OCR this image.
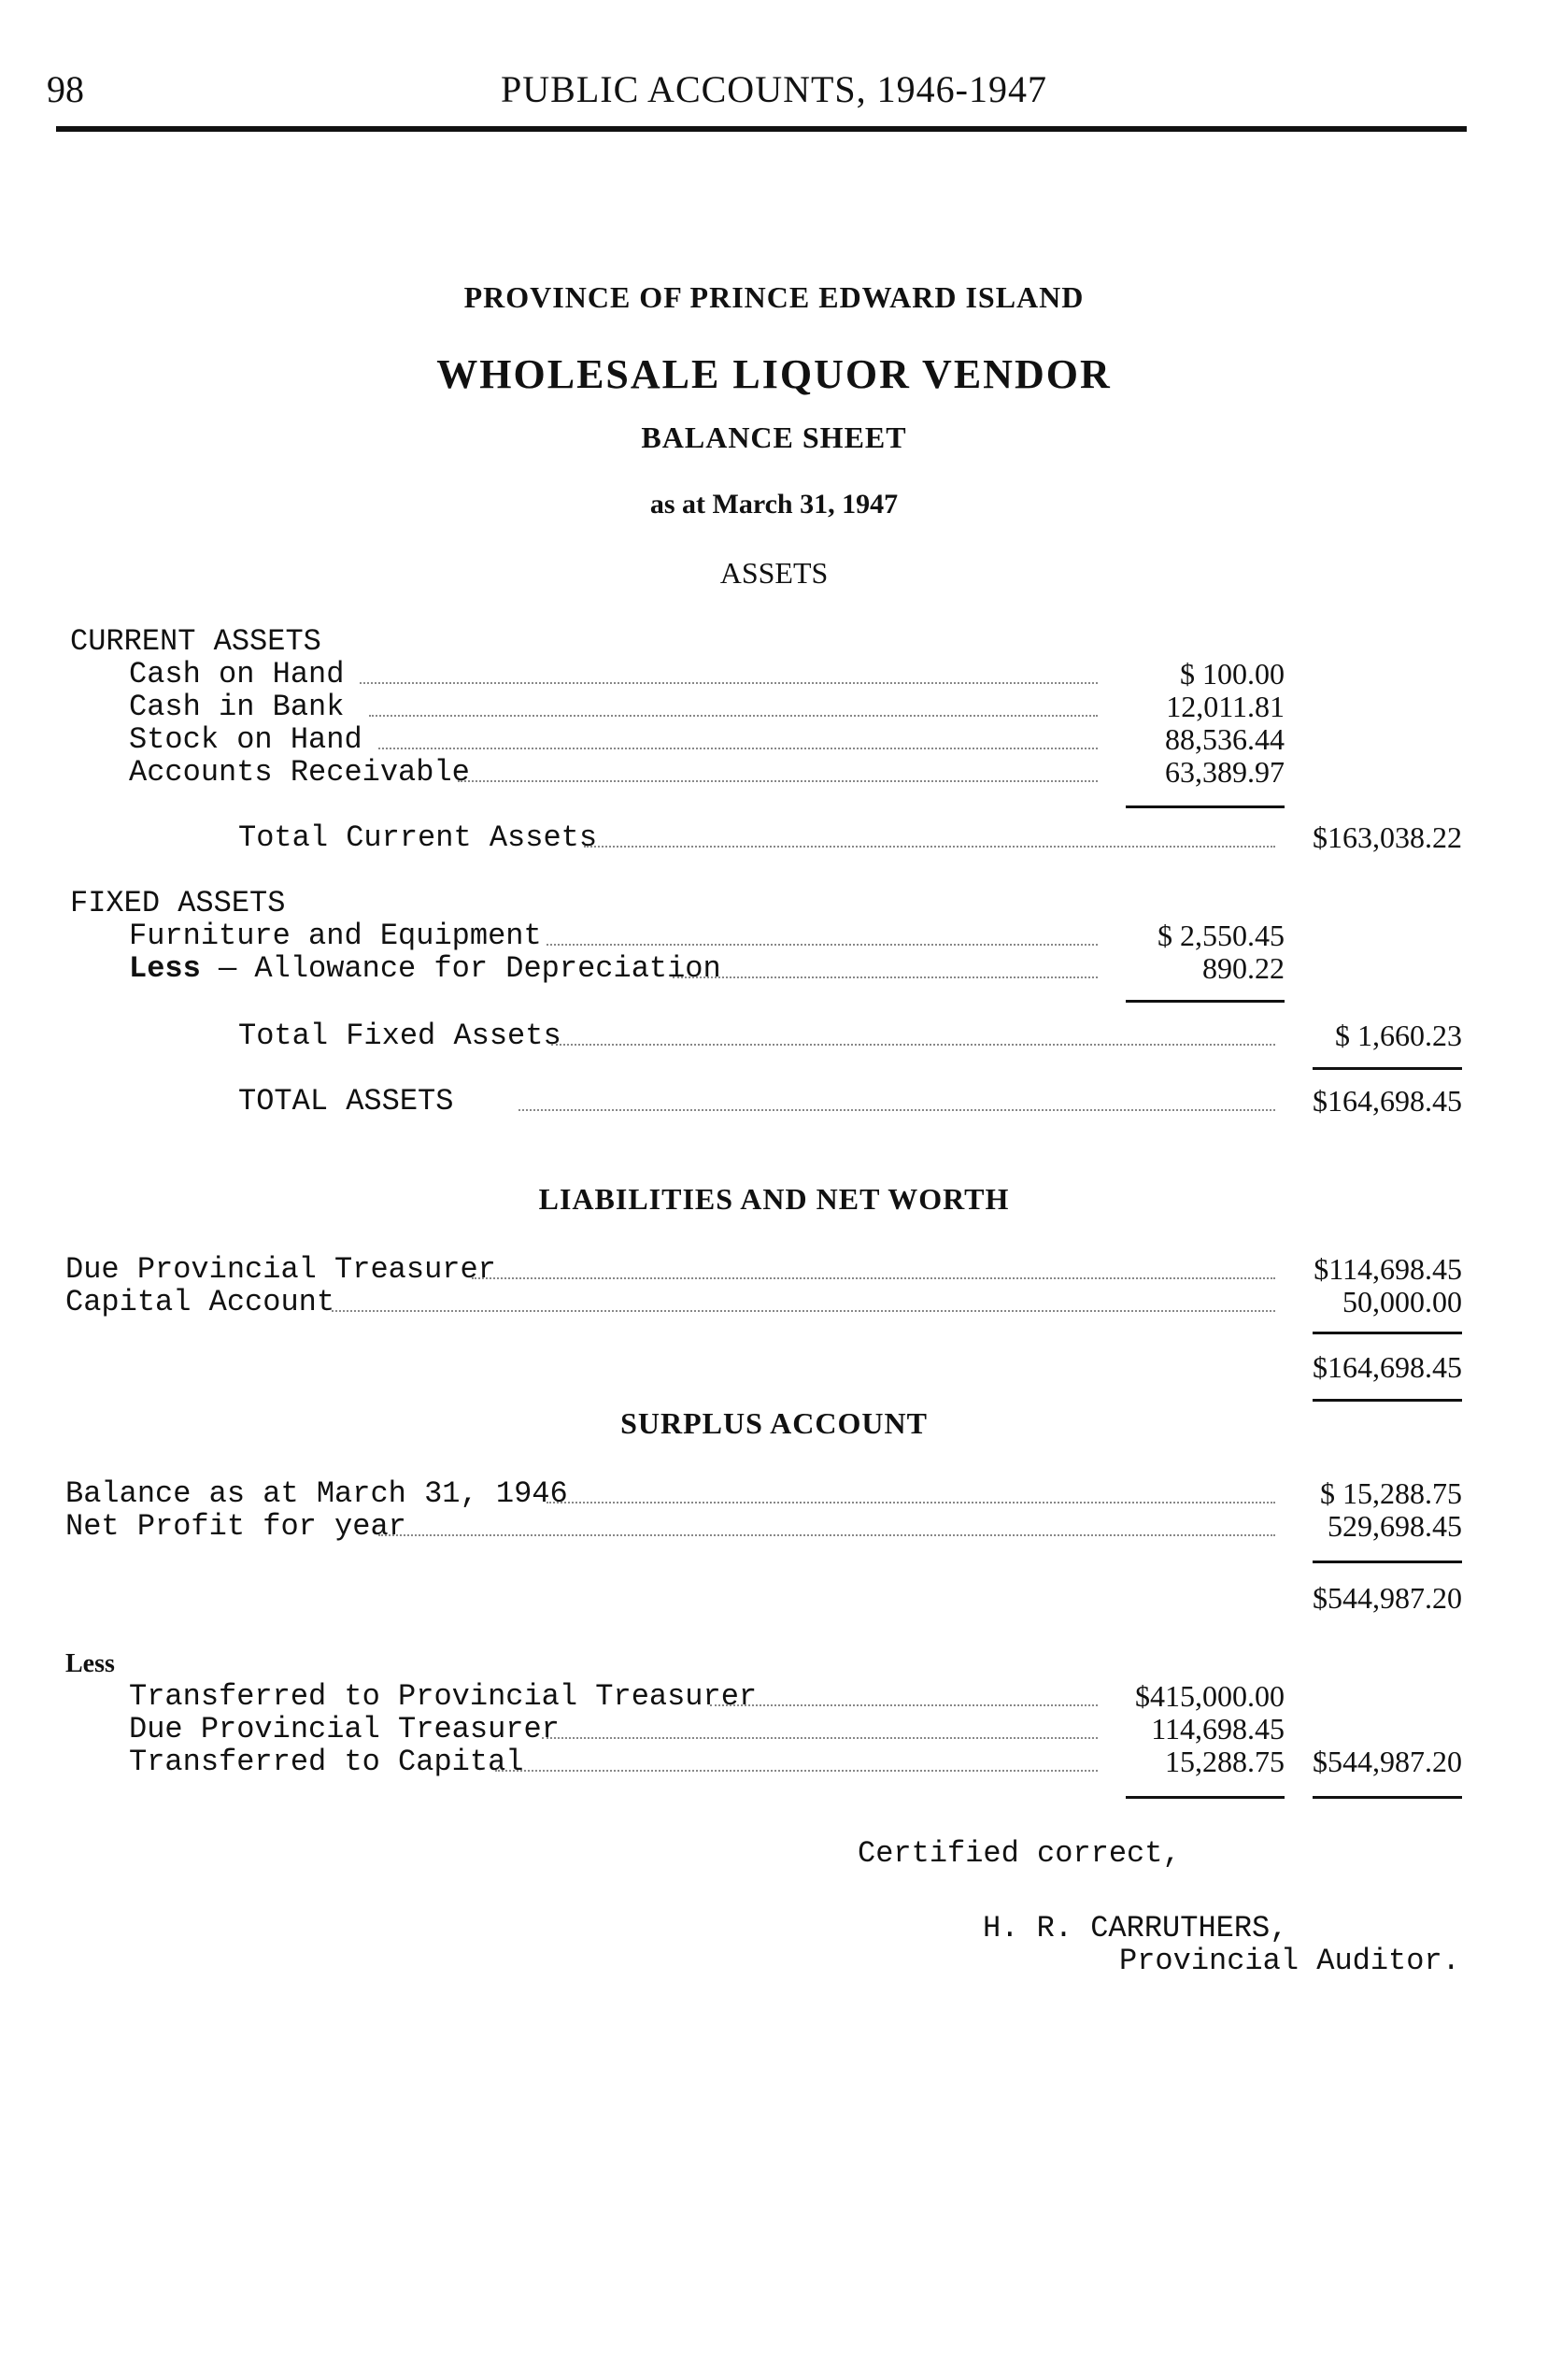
98	PUBLIC ACCOUNTS, 1946-1947
PROVINCE OF PRINCE EDWARD ISLAND
WHOLESALE LIQUOR VENDOR
BALANCE SHEET
as at March 31, 1947
ASSETS
CURRENT ASSETS
Cash on Hand	$ 100.00
Cash in Bank	12,011.81
Stock on Hand	88,536.44
Accounts Receivable	63,389.97
Total Current Assets	$163,038.22
FIXED ASSETS
Furniture and Equipment	$ 2,550.45
Less — Allowance for Depreciation	890.22
Total Fixed Assets	$ 1,660.23
TOTAL ASSETS	$164,698.45
LIABILITIES AND NET WORTH
Due Provincial Treasurer	$114,698.45
Capital Account	50,000.00
$164,698.45
SURPLUS ACCOUNT
Balance as at March 31, 1946	$ 15,288.75
Net Profit for year	529,698.45
$544,987.20
Less
Transferred to Provincial Treasurer	$415,000.00
Due Provincial Treasurer	114,698.45
Transferred to Capital	15,288.75 $544,987.20
Certified correct,
H. R. CARRUTHERS,
Provincial Auditor.
